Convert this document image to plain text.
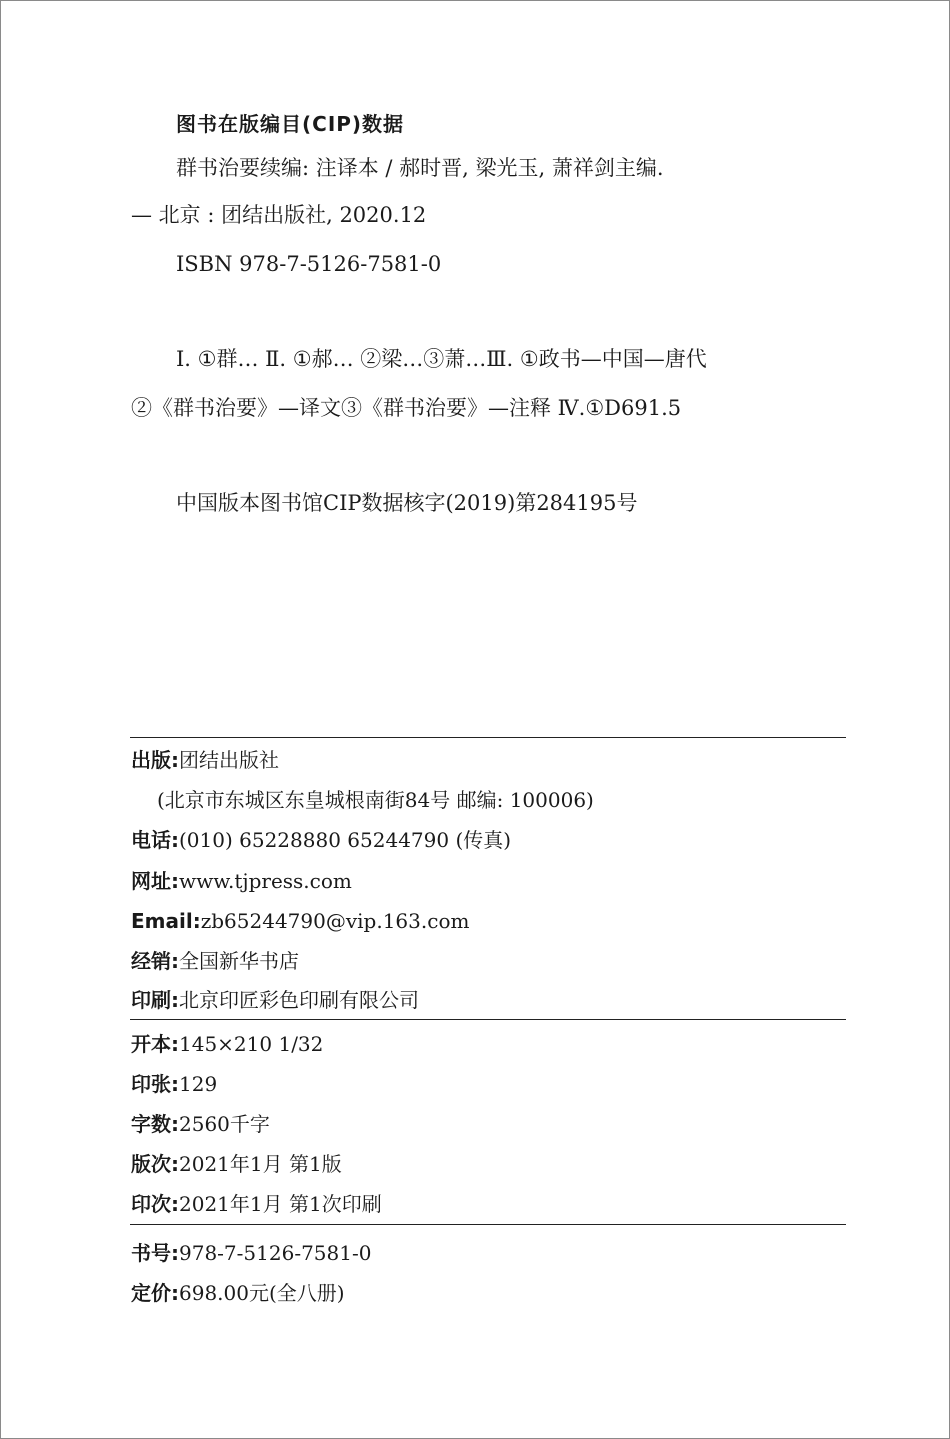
图书在版编目(CIP)数据
群书治要续编: 注译本 / 郝时晋, 梁光玉, 萧祥剑主编.
— 北京 : 团结出版社, 2020.12
ISBN 978-7-5126-7581-0
Ⅰ. ①群… Ⅱ. ①郝… ②梁…③萧…Ⅲ. ①政书—中国—唐代
②《群书治要》—译文③《群书治要》—注释 Ⅳ.①D691.5
中国版本图书馆CIP数据核字(2019)第284195号
出版:团结出版社
(北京市东城区东皇城根南街84号 邮编: 100006)
电话:(010) 65228880 65244790 (传真)
网址:www.tjpress.com
Email:zb65244790@vip.163.com
经销:全国新华书店
印刷:北京印匠彩色印刷有限公司
开本:145×210 1/32
印张:129
字数:2560千字
版次:2021年1月 第1版
印次:2021年1月 第1次印刷
书号:978-7-5126-7581-0
定价:698.00元(全八册)
